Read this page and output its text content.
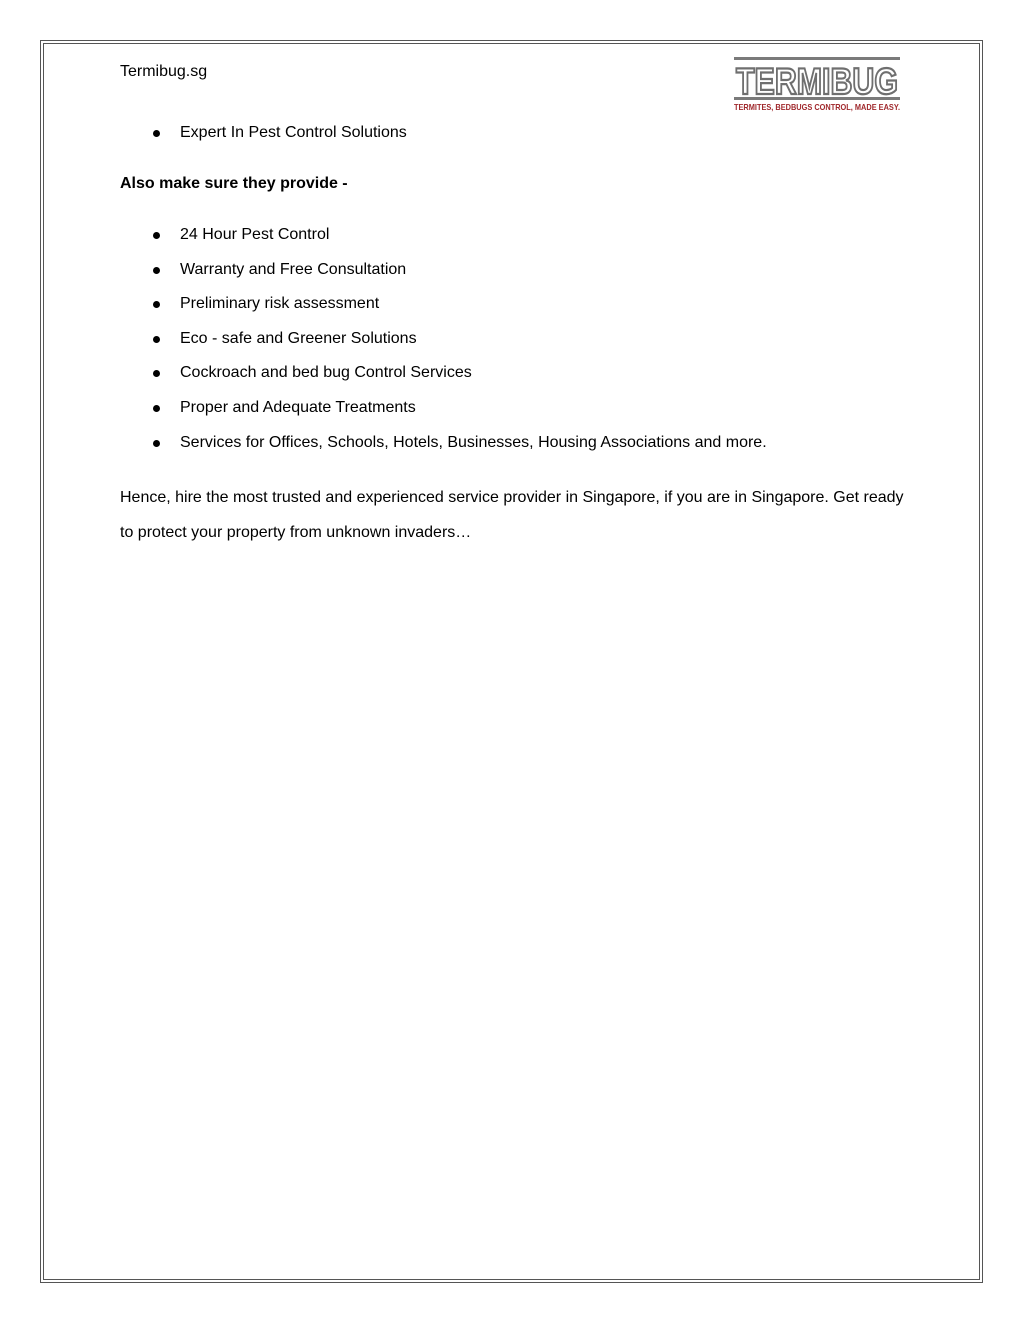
Termibug.sg	TERMIBUG
TERMITES, BEDBUGS CONTROL, MADE EASY.
Expert In Pest Control Solutions
Also make sure they provide -
24 Hour Pest Control
Warranty and Free Consultation
Preliminary risk assessment
Eco - safe and Greener Solutions
Cockroach and bed bug Control Services
Proper and Adequate Treatments
Services for Offices, Schools, Hotels, Businesses, Housing Associations and more.

Hence, hire the most trusted and experienced service provider in Singapore, if you are in Singapore. Get ready to protect your property from unknown invaders…
